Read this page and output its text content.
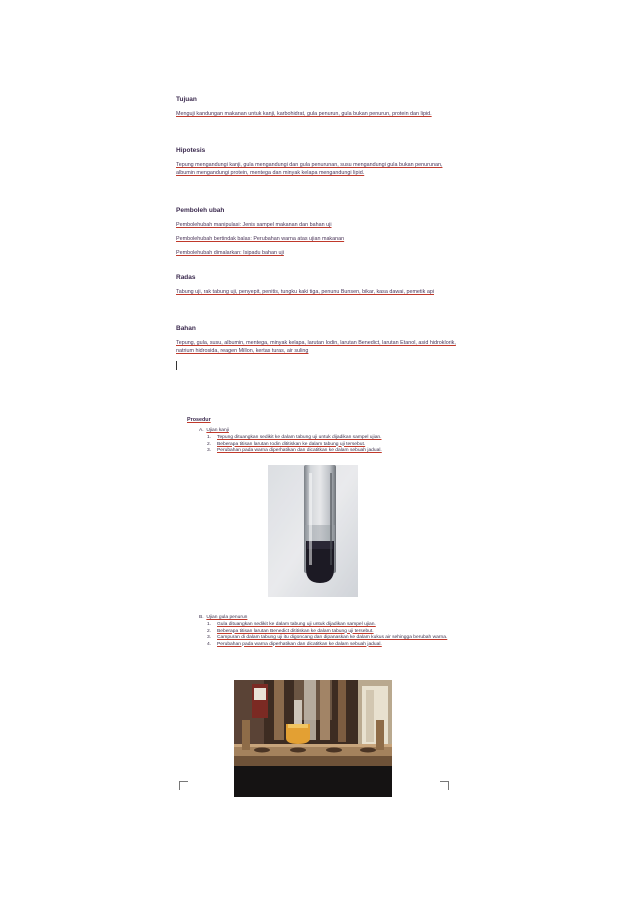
Tujuan

Menguji kandungan makanan untuk kanji, karbohidrat, gula penurun, gula bukan penurun, protein dan lipid.

Hipotesis

Tepung mengandungi kanji, gula mengandungi dan gula penurunan, susu mengandungi gula bukan penurunan, albumin mengandungi protein, mentega dan minyak kelapa mengandungi lipid.

Pemboleh ubah

Pembolehubah manipulasi: Jenis sampel makanan dan bahan uji

Pembolehubah bertindak balas: Perubahan warna atas ujian makanan

Pembolehubah dimalarkan: Isipadu bahan uji

Radas

Tabung uji, rak tabung uji, penyepit, penitis, tungku kaki tiga, penunu Bunsen, bikar, kasa dawai, pemetik api

Bahan

Tepung, gula, susu, albumin, mentega, minyak kelapa, larutan Iodin, larutan Benedict, larutan Etanol, asid hidroklorik, natrium hidrosida, reagen Millon, kertas turas, air suling

Prosedur
A. Ujian kanji
1. Tepung dituangkan sedikit ke dalam tabung uji untuk dijadikan sampel ujian.
2. Beberapa titisan larutan Iodin dititiskan ke dalam tabung uji tersebut.
3. Perubahan pada warna diperhatikan dan dicatitkan ke dalam sebuah jadual.
B. Ujian gula penurun
1. Gula dituangkan sedikit ke dalam tabung uji untuk dijadikan sampel ujian.
2. Beberapa titisan larutan Benedict dititiskan ke dalam tabung uji tersebut.
3. Campuran di dalam tabung uji itu digoncang dan dipanaskan ke dalam kukus air sehingga berubah warna.
4. Perubahan pada warna diperhatikan dan dicatitkan ke dalam sebuah jadual.
